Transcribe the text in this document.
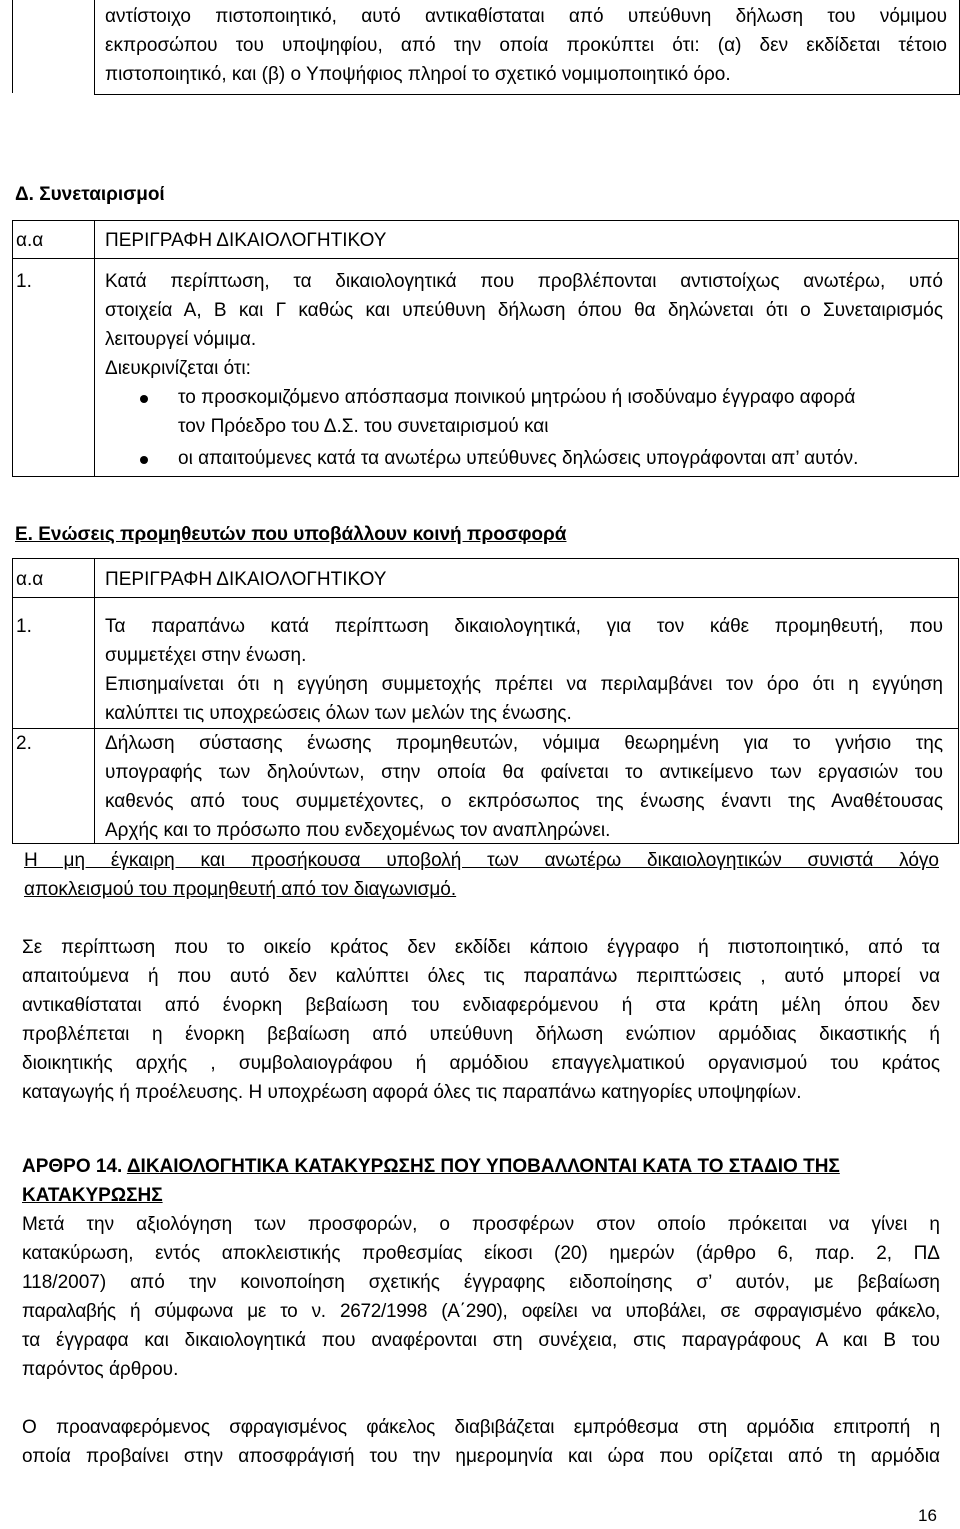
αντίστοιχο πιστοποιητικό, αυτό αντικαθίσταται από υπεύθυνη δήλωση του νόμιμου
εκπροσώπου του υποψηφίου, από την οποία προκύπτει ότι: (α) δεν εκδίδεται τέτοιο
πιστοποιητικό, και (β) ο Υποψήφιος πληροί το σχετικό νομιμοποιητικό όρο.
Δ. Συνεταιρισμοί
α.α	ΠΕΡΙΓΡΑΦΗ ΔΙΚΑΙΟΛΟΓΗΤΙΚΟΥ
1.	Κατά περίπτωση, τα δικαιολογητικά που προβλέπονται αντιστοίχως ανωτέρω, υπό
στοιχεία Α, Β και Γ καθώς και υπεύθυνη δήλωση όπου θα δηλώνεται ότι ο Συνεταιρισμός
λειτουργεί νόμιμα.
Διευκρινίζεται ότι:
το προσκομιζόμενο απόσπασμα ποινικού μητρώου ή ισοδύναμο έγγραφο αφορά
τον Πρόεδρο του Δ.Σ. του συνεταιρισμού και
οι απαιτούμενες κατά τα ανωτέρω υπεύθυνες δηλώσεις υπογράφονται απ’ αυτόν.
Ε. Ενώσεις προμηθευτών που υποβάλλουν κοινή προσφορά
α.α	ΠΕΡΙΓΡΑΦΗ ΔΙΚΑΙΟΛΟΓΗΤΙΚΟΥ
1.	Τα παραπάνω κατά περίπτωση δικαιολογητικά, για τον κάθε προμηθευτή, που
συμμετέχει στην ένωση.
Επισημαίνεται ότι η εγγύηση συμμετοχής πρέπει να περιλαμβάνει τον όρο ότι η εγγύηση
καλύπτει τις υποχρεώσεις όλων των μελών της ένωσης.
2.	Δήλωση σύστασης ένωσης προμηθευτών, νόμιμα θεωρημένη για το γνήσιο της
υπογραφής των δηλούντων, στην οποία θα φαίνεται το αντικείμενο των εργασιών του
καθενός από τους συμμετέχοντες, ο εκπρόσωπος της ένωσης έναντι της Αναθέτουσας
Αρχής και το πρόσωπο που ενδεχομένως τον αναπληρώνει.
Η μη έγκαιρη και προσήκουσα υποβολή των ανωτέρω δικαιολογητικών συνιστά λόγο
αποκλεισμού του προμηθευτή από τον διαγωνισμό.
Σε περίπτωση που το οικείο κράτος δεν εκδίδει κάποιο έγγραφο ή πιστοποιητικό, από τα
απαιτούμενα ή που αυτό δεν καλύπτει όλες τις παραπάνω περιπτώσεις , αυτό μπορεί να
αντικαθίσταται από ένορκη βεβαίωση του ενδιαφερόμενου ή στα κράτη μέλη όπου δεν
προβλέπεται η ένορκη βεβαίωση από υπεύθυνη δήλωση ενώπιον αρμόδιας δικαστικής ή
διοικητικής αρχής , συμβολαιογράφου ή αρμόδιου επαγγελματικού οργανισμού του κράτος
καταγωγής ή προέλευσης. Η υποχρέωση αφορά όλες τις παραπάνω κατηγορίες υποψηφίων.
ΑΡΘΡΟ 14. ΔΙΚΑΙΟΛΟΓΗΤΙΚΑ ΚΑΤΑΚΥΡΩΣΗΣ ΠΟΥ ΥΠΟΒΑΛΛΟΝΤΑΙ ΚΑΤΑ ΤΟ ΣΤΑΔΙΟ ΤΗΣ
ΚΑΤΑΚΥΡΩΣΗΣ
Μετά την αξιολόγηση των προσφορών, ο προσφέρων στον οποίο πρόκειται να γίνει η
κατακύρωση, εντός αποκλειστικής προθεσμίας είκοσι (20) ημερών (άρθρο 6, παρ. 2, ΠΔ
118/2007) από την κοινοποίηση σχετικής έγγραφης ειδοποίησης σ’ αυτόν, με βεβαίωση
παραλαβής ή σύμφωνα με το ν. 2672/1998 (Α΄290), οφείλει να υποβάλει, σε σφραγισμένο φάκελο,
τα έγγραφα και δικαιολογητικά που αναφέρονται στη συνέχεια, στις παραγράφους Α και Β του
παρόντος άρθρου.
Ο προαναφερόμενος σφραγισμένος φάκελος διαβιβάζεται εμπρόθεσμα στη αρμόδια επιτροπή η
οποία προβαίνει στην αποσφράγισή του την ημερομηνία και ώρα που ορίζεται από τη αρμόδια
16
